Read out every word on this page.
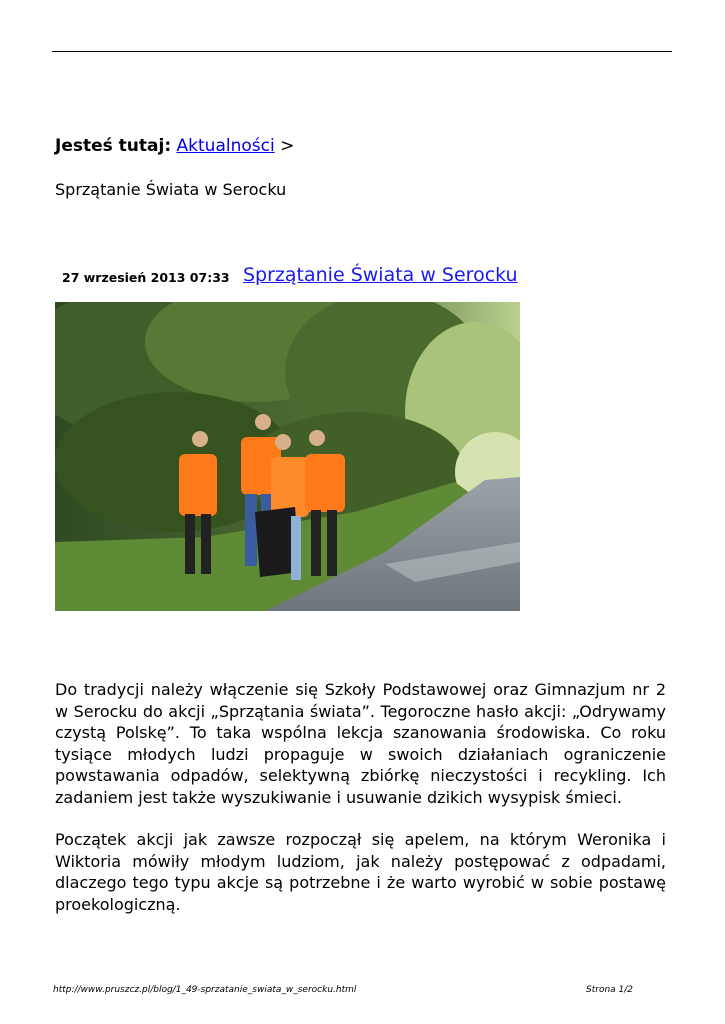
Jesteś tutaj: Aktualności >
Sprzątanie Świata w Serocku
27 wrzesień 2013 07:33 Sprzątanie Świata w Serocku

Do tradycji należy włączenie się Szkoły Podstawowej oraz Gimnazjum nr 2 w Serocku do akcji „Sprzątania świata”. Tegoroczne hasło akcji: „Odrywamy czystą Polskę”. To taka wspólna lekcja szanowania środowiska. Co roku tysiące młodych ludzi propaguje w swoich działaniach ograniczenie powstawania odpadów, selektywną zbiórkę nieczystości i recykling. Ich zadaniem jest także wyszukiwanie i usuwanie dzikich wysypisk śmieci.

Początek akcji jak zawsze rozpoczął się apelem, na którym Weronika i Wiktoria mówiły młodym ludziom, jak należy postępować z odpadami, dlaczego tego typu akcje są potrzebne i że warto wyrobić w sobie postawę proekologiczną.

http://www.pruszcz.pl/blog/1_49-sprzatanie_swiata_w_serocku.html	Strona 1/2
